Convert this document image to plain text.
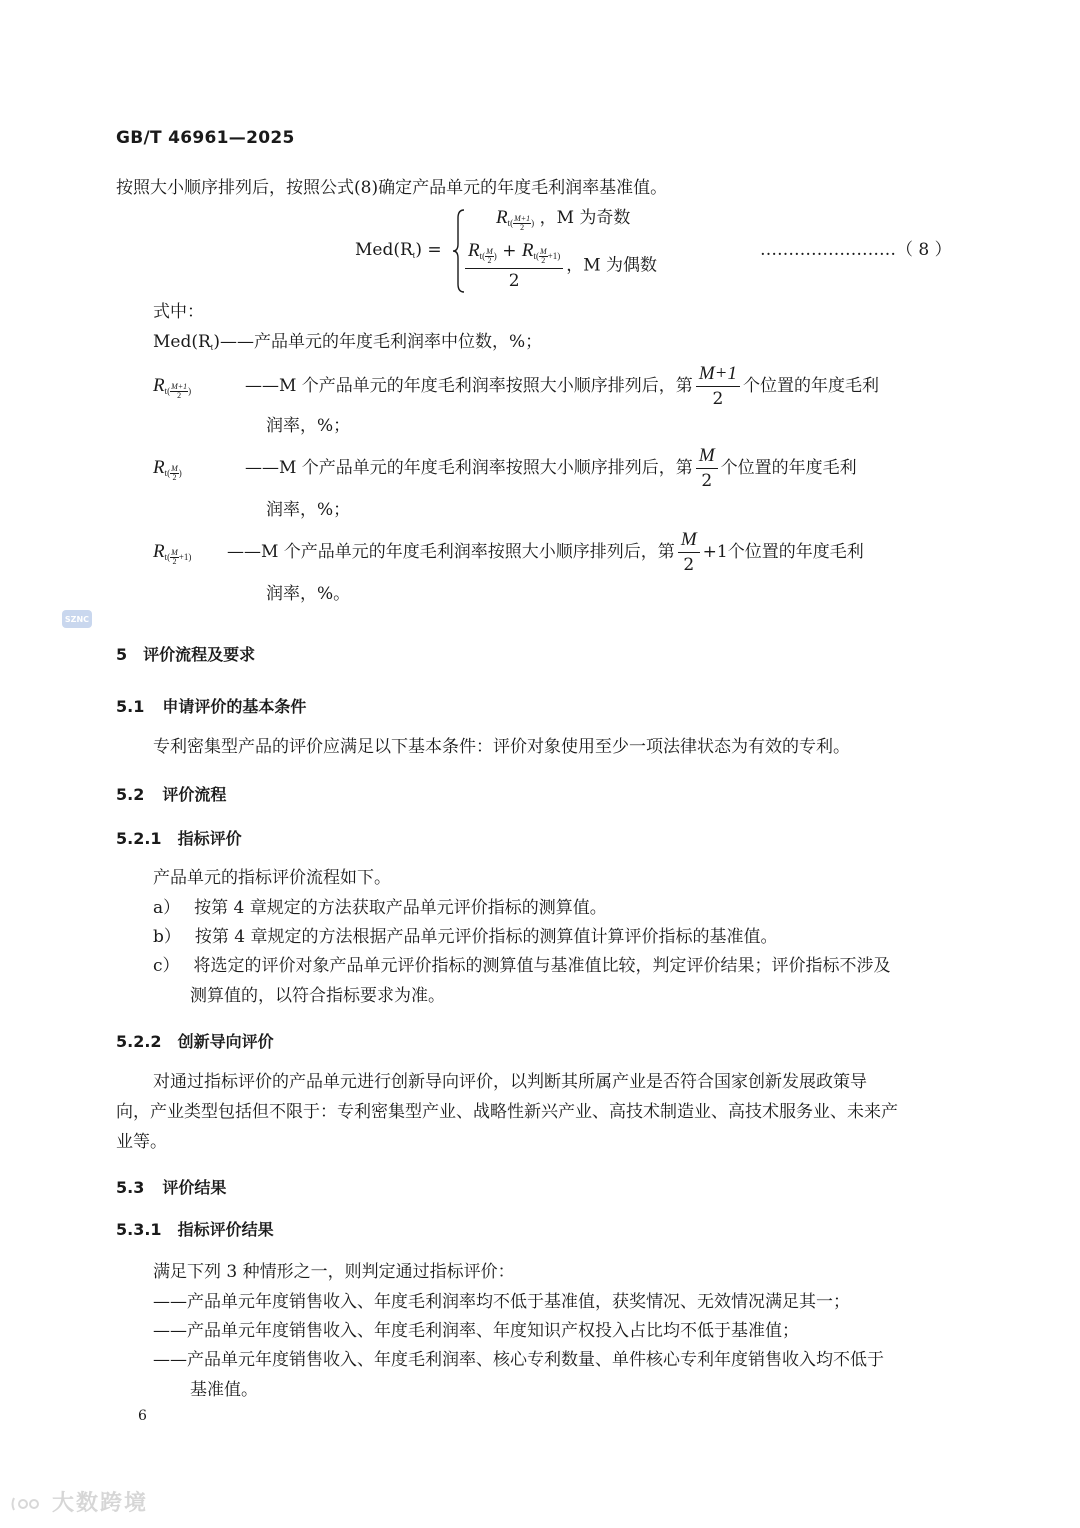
GB/T 46961—2025
按照大小顺序排列后，按照公式(8)确定产品单元的年度毛利润率基准值。
$Med(R_t)$ =
$R_{t( \frac{M+1}{2} )}$ ，M 为奇数
$R_{t( \frac{M}{2} )} + R_{t( \frac{M}{2} +1)}$
2 ，M 为偶数
……………………（ 8 ）
式中：
$Med(R_t)——$产品单元的年度毛利润率中位数，%；
$R_{t( \frac{M+1}{2} )}$	——M 个产品单元的年度毛利润率按照大小顺序排列后，第 $\frac{M+1}{2}$ 个位置的年度毛利
润率，%；
$R_{t( \frac{M}{2} )}$	——M 个产品单元的年度毛利润率按照大小顺序排列后，第 $\frac{M}{2}$ 个位置的年度毛利
润率，%；
$R_{t( \frac{M}{2} +1)}$ ——M 个产品单元的年度毛利润率按照大小顺序排列后，第 $\frac{M}{2} +1$ 个位置的年度毛利
润率，%。
SZNC
5 评价流程及要求
5.1 申请评价的基本条件
专利密集型产品的评价应满足以下基本条件：评价对象使用至少一项法律状态为有效的专利。
5.2 评价流程
5.2.1 指标评价
产品单元的指标评价流程如下。
a） 按第 4 章规定的方法获取产品单元评价指标的测算值。
b） 按第 4 章规定的方法根据产品单元评价指标的测算值计算评价指标的基准值。
c） 将选定的评价对象产品单元评价指标的测算值与基准值比较，判定评价结果；评价指标不涉及
测算值的，以符合指标要求为准。
5.2.2 创新导向评价
对通过指标评价的产品单元进行创新导向评价，以判断其所属产业是否符合国家创新发展政策导
向，产业类型包括但不限于：专利密集型产业、战略性新兴产业、高技术制造业、高技术服务业、未来产
业等。
5.3 评价结果
5.3.1 指标评价结果
满足下列 3 种情形之一，则判定通过指标评价：
——产品单元年度销售收入、年度毛利润率均不低于基准值，获奖情况、无效情况满足其一；
——产品单元年度销售收入、年度毛利润率、年度知识产权投入占比均不低于基准值；
——产品单元年度销售收入、年度毛利润率、核心专利数量、单件核心专利年度销售收入均不低于
基准值。
6
大数跨境
